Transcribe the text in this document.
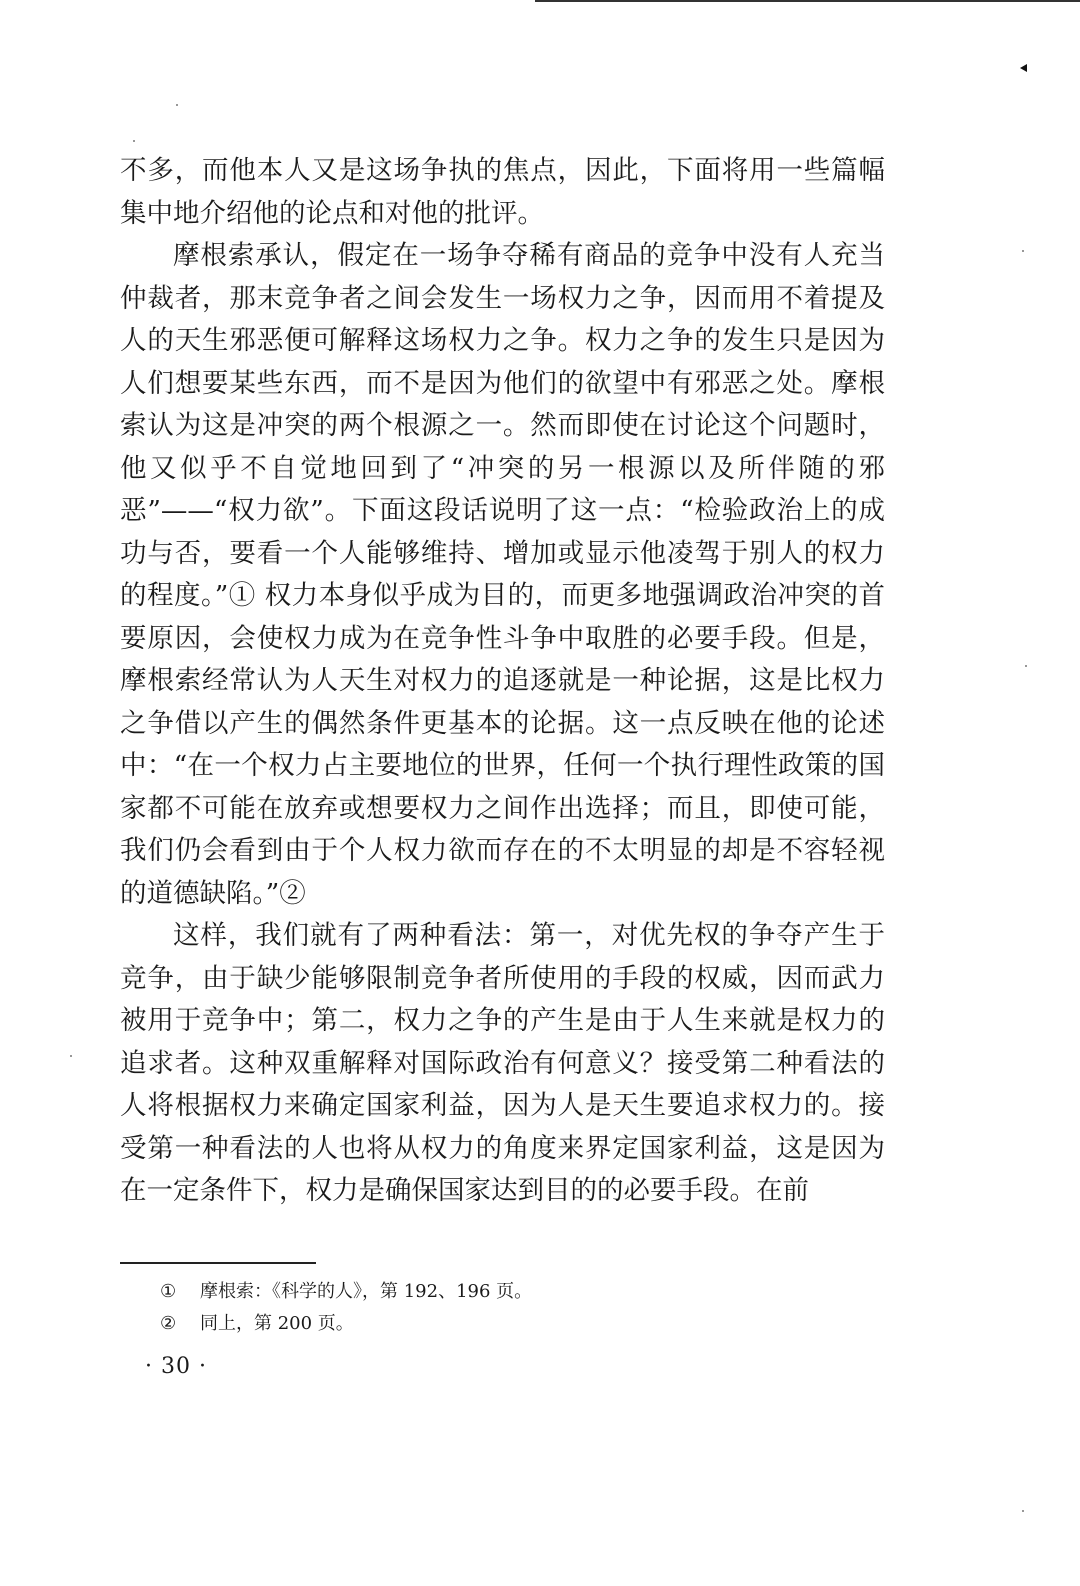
不多，而他本人又是这场争执的焦点，因此，下面将用一些篇幅集中地介绍他的论点和对他的批评。

摩根索承认，假定在一场争夺稀有商品的竞争中没有人充当仲裁者，那末竞争者之间会发生一场权力之争，因而用不着提及人的天生邪恶便可解释这场权力之争。权力之争的发生只是因为人们想要某些东西，而不是因为他们的欲望中有邪恶之处。摩根索认为这是冲突的两个根源之一。然而即使在讨论这个问题时，他又似乎不自觉地回到了“冲突的另一根源以及所伴随的邪恶”——“权力欲”。下面这段话说明了这一点：“检验政治上的成功与否，要看一个人能够维持、增加或显示他凌驾于别人的权力的程度。”① 权力本身似乎成为目的，而更多地强调政治冲突的首要原因，会使权力成为在竞争性斗争中取胜的必要手段。但是，摩根索经常认为人天生对权力的追逐就是一种论据，这是比权力之争借以产生的偶然条件更基本的论据。这一点反映在他的论述中：“在一个权力占主要地位的世界，任何一个执行理性政策的国家都不可能在放弃或想要权力之间作出选择；而且，即使可能，我们仍会看到由于个人权力欲而存在的不太明显的却是不容轻视的道德缺陷。”②

这样，我们就有了两种看法：第一，对优先权的争夺产生于竞争，由于缺少能够限制竞争者所使用的手段的权威，因而武力被用于竞争中；第二，权力之争的产生是由于人生来就是权力的追求者。这种双重解释对国际政治有何意义？接受第二种看法的人将根据权力来确定国家利益，因为人是天生要追求权力的。接受第一种看法的人也将从权力的角度来界定国家利益，这是因为在一定条件下，权力是确保国家达到目的的必要手段。在前

① 摩根索：《科学的人》，第 192、196 页。
② 同上，第 200 页。
· 30 ·
